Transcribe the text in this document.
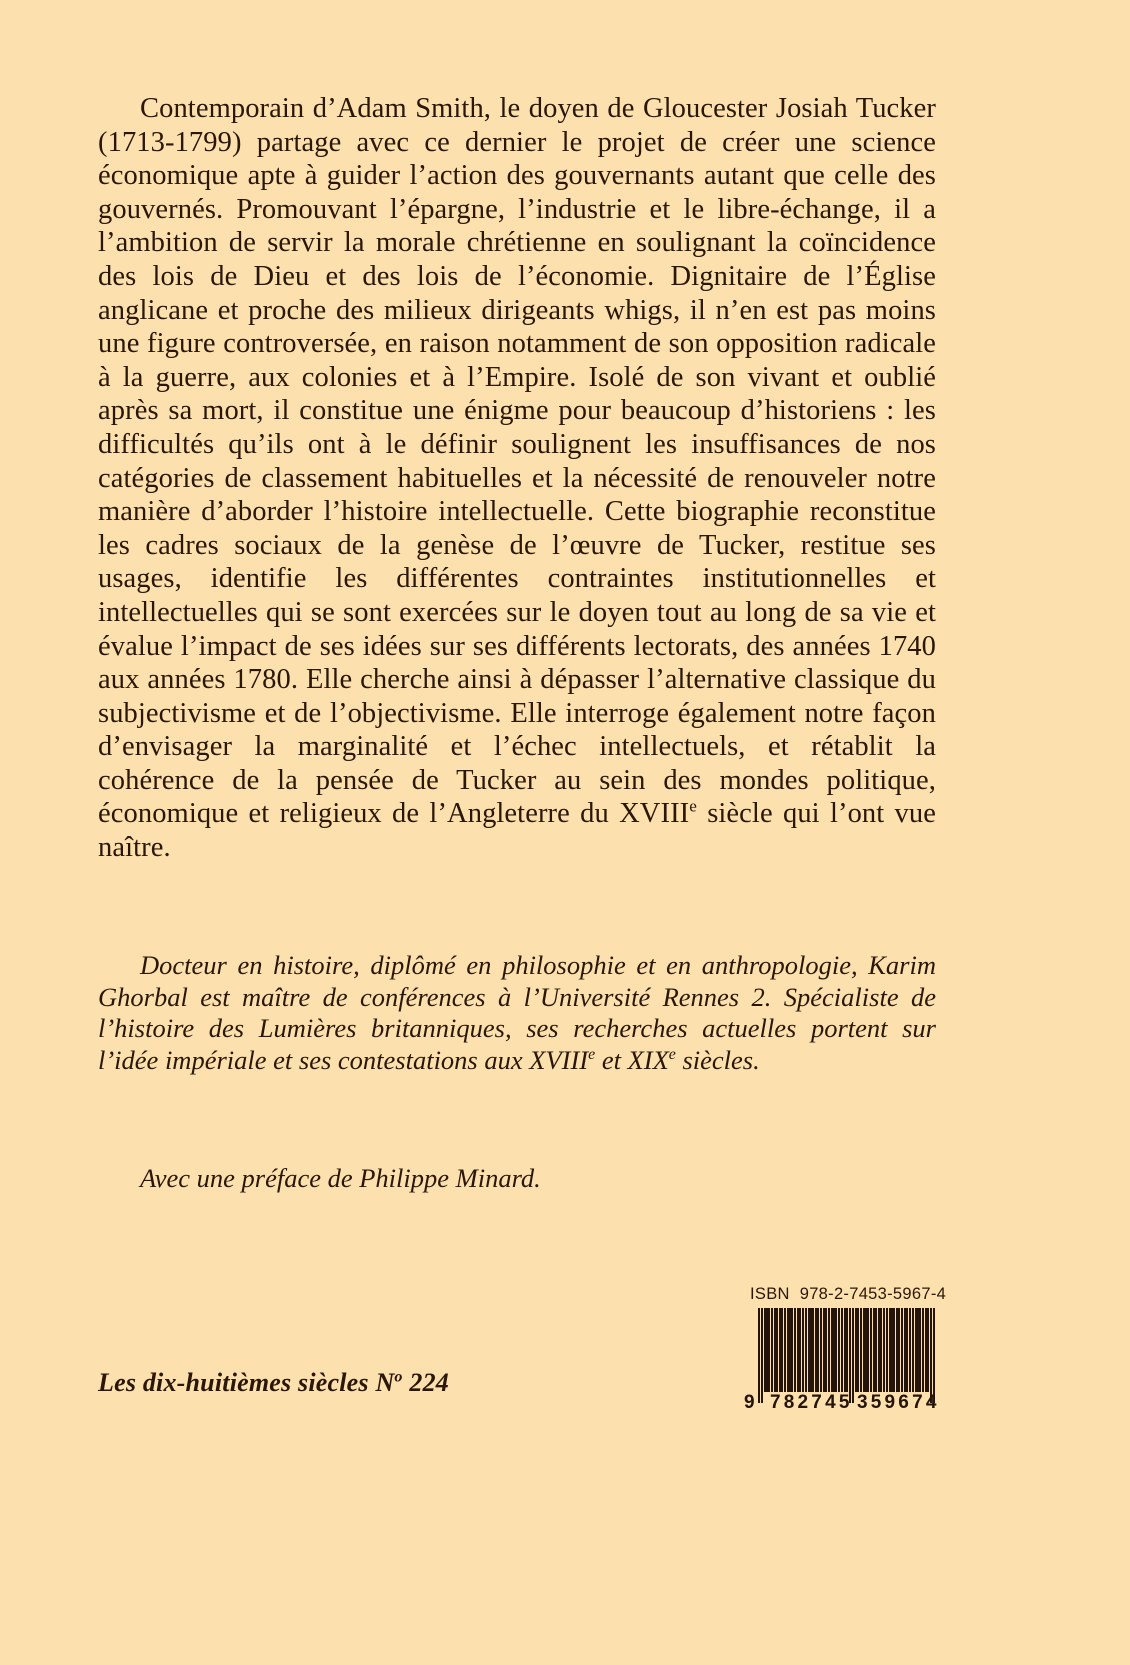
Contemporain d’Adam Smith, le doyen de Gloucester Josiah Tucker (1713-1799) partage avec ce dernier le projet de créer une science économique apte à guider l’action des gouvernants autant que celle des gouvernés. Promouvant l’épargne, l’industrie et le libre-échange, il a l’ambition de servir la morale chrétienne en soulignant la coïncidence des lois de Dieu et des lois de l’économie. Dignitaire de l’Église anglicane et proche des milieux dirigeants whigs, il n’en est pas moins une figure controversée, en raison notamment de son opposition radicale à la guerre, aux colonies et à l’Empire. Isolé de son vivant et oublié après sa mort, il constitue une énigme pour beaucoup d’historiens : les difficultés qu’ils ont à le définir soulignent les insuffisances de nos catégories de classement habituelles et la nécessité de renouveler notre manière d’aborder l’histoire intellectuelle. Cette biographie reconstitue les cadres sociaux de la genèse de l’œuvre de Tucker, restitue ses usages, identifie les différentes contraintes institutionnelles et intellectuelles qui se sont exercées sur le doyen tout au long de sa vie et évalue l’impact de ses idées sur ses différents lectorats, des années 1740 aux années 1780. Elle cherche ainsi à dépasser l’alternative classique du subjectivisme et de l’objectivisme. Elle interroge également notre façon d’envisager la marginalité et l’échec intellectuels, et rétablit la cohérence de la pensée de Tucker au sein des mondes politique, économique et religieux de l’Angleterre du XVIIIe siècle qui l’ont vue naître.
Docteur en histoire, diplômé en philosophie et en anthropologie, Karim Ghorbal est maître de conférences à l’Université Rennes 2. Spécialiste de l’histoire des Lumières britanniques, ses recherches actuelles portent sur l’idée impériale et ses contestations aux XVIIIe et XIXe siècles.
Avec une préface de Philippe Minard.
Les dix-huitièmes siècles $N^o$ 224
ISBN 978-2-7453-5967-4
9 782745 359674
